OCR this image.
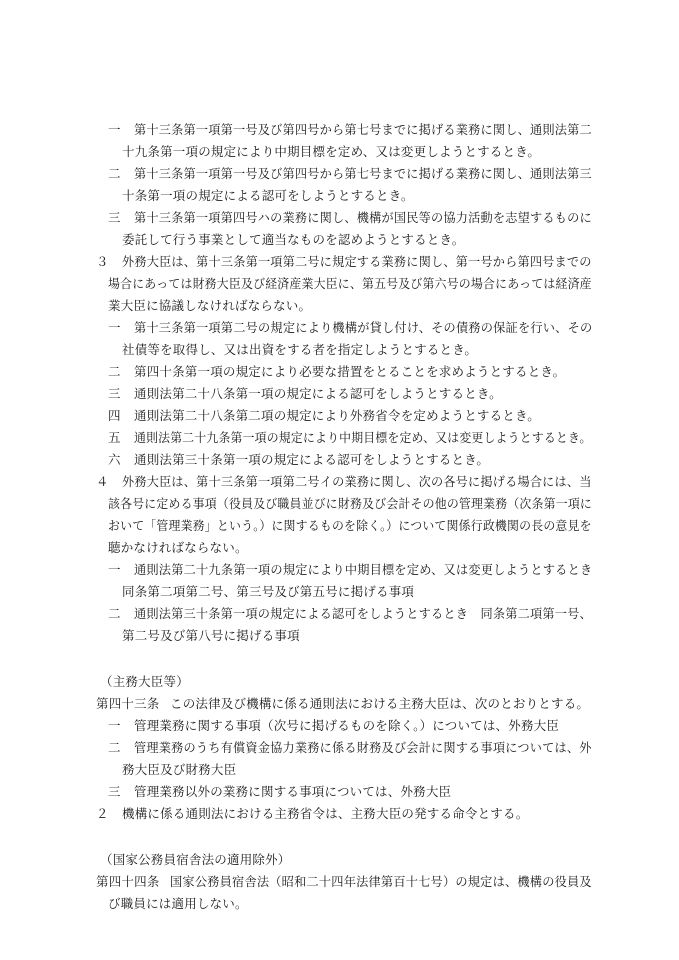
一 第十三条第一項第一号及び第四号から第七号までに掲げる業務に関し、通則法第二
十九条第一項の規定により中期目標を定め、又は変更しようとするとき。
二 第十三条第一項第一号及び第四号から第七号までに掲げる業務に関し、通則法第三
十条第一項の規定による認可をしようとするとき。
三 第十三条第一項第四号ハの業務に関し、機構が国民等の協力活動を志望するものに
委託して行う事業として適当なものを認めようとするとき。
３ 外務大臣は、第十三条第一項第二号に規定する業務に関し、第一号から第四号までの
場合にあっては財務大臣及び経済産業大臣に、第五号及び第六号の場合にあっては経済産
業大臣に協議しなければならない。
一 第十三条第一項第二号の規定により機構が貸し付け、その債務の保証を行い、その
社債等を取得し、又は出資をする者を指定しようとするとき。
二 第四十条第一項の規定により必要な措置をとることを求めようとするとき。
三 通則法第二十八条第一項の規定による認可をしようとするとき。
四 通則法第二十八条第二項の規定により外務省令を定めようとするとき。
五 通則法第二十九条第一項の規定により中期目標を定め、又は変更しようとするとき。
六 通則法第三十条第一項の規定による認可をしようとするとき。
４ 外務大臣は、第十三条第一項第二号イの業務に関し、次の各号に掲げる場合には、当
該各号に定める事項（役員及び職員並びに財務及び会計その他の管理業務（次条第一項に
おいて「管理業務」という。）に関するものを除く。）について関係行政機関の長の意見を
聴かなければならない。
一 通則法第二十九条第一項の規定により中期目標を定め、又は変更しようとするとき
同条第二項第二号、第三号及び第五号に掲げる事項
二 通則法第三十条第一項の規定による認可をしようとするとき　同条第二項第一号、
第二号及び第八号に掲げる事項
（主務大臣等）
第四十三条 この法律及び機構に係る通則法における主務大臣は、次のとおりとする。
一 管理業務に関する事項（次号に掲げるものを除く。）については、外務大臣
二 管理業務のうち有償資金協力業務に係る財務及び会計に関する事項については、外
務大臣及び財務大臣
三 管理業務以外の業務に関する事項については、外務大臣
２ 機構に係る通則法における主務省令は、主務大臣の発する命令とする。
（国家公務員宿舎法の適用除外）
第四十四条 国家公務員宿舎法（昭和二十四年法律第百十七号）の規定は、機構の役員及
び職員には適用しない。
